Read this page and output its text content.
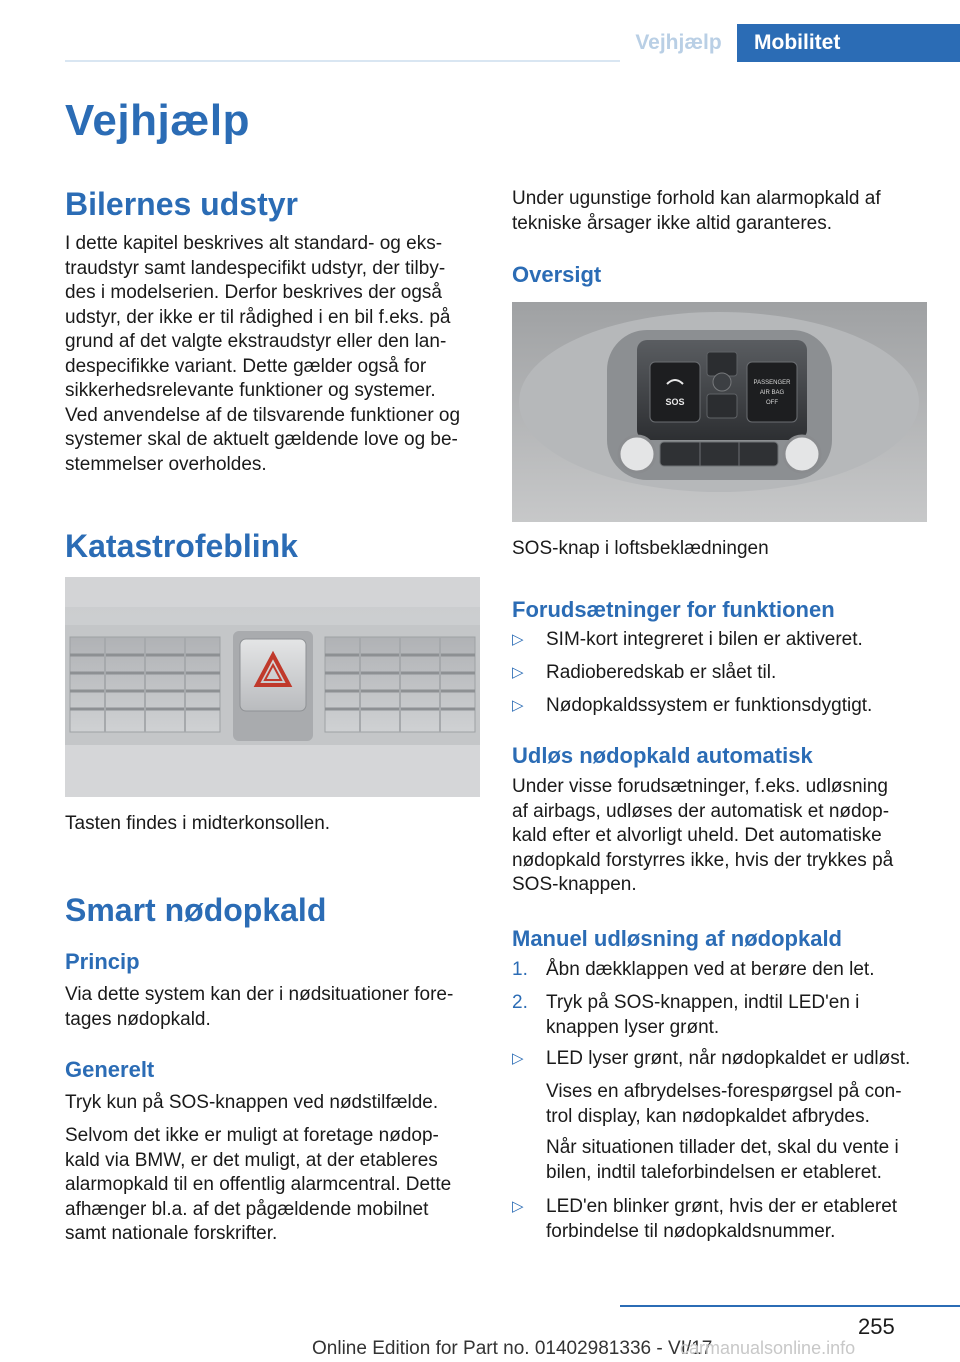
Vejhjælp	Mobilitet
Vejhjælp
Bilernes udstyr

I dette kapitel beskrives alt standard- og eks‐

traudstyr samt landespecifikt udstyr, der tilby‐

des i modelserien. Derfor beskrives der også

udstyr, der ikke er til rådighed i en bil f.eks. på

grund af det valgte ekstraudstyr eller den lan‐

despecifikke variant. Dette gælder også for

sikkerhedsrelevante funktioner og systemer.

Ved anvendelse af de tilsvarende funktioner og

systemer skal de aktuelt gældende love og be‐

stemmelser overholdes.

Katastrofeblink
Tasten findes i midterkonsollen.
Smart nødopkald
Princip

Via dette system kan der i nødsituationer fore‐

tages nødopkald.

Generelt
Tryk kun på SOS-knappen ved nødstilfælde.

Selvom det ikke er muligt at foretage nødop‐

kald via BMW, er det muligt, at der etableres

alarmopkald til en offentlig alarmcentral. Dette

afhænger bl.a. af det pågældende mobilnet

samt nationale forskrifter.

Under ugunstige forhold kan alarmopkald af

tekniske årsager ikke altid garanteres.

Oversigt
SOS
PASSENGER
AIR BAG
OFF
SOS-knap i loftsbeklædningen
Forudsætninger for funktionen
▷ SIM-kort integreret i bilen er aktiveret.
▷ Radioberedskab er slået til.
▷ Nødopkaldssystem er funktionsdygtigt.
Udløs nødopkald automatisk

Under visse forudsætninger, f.eks. udløsning

af airbags, udløses der automatisk et nødop‐

kald efter et alvorligt uheld. Det automatiske

nødopkald forstyrres ikke, hvis der trykkes på

SOS-knappen.

Manuel udløsning af nødopkald
1. Åbn dækklappen ved at berøre den let.
2. Tryk på SOS-knappen, indtil LED'en i
knappen lyser grønt.
▷ LED lyser grønt, når nødopkaldet er udløst.
Vises en afbrydelses-forespørgsel på con‐
trol display, kan nødopkaldet afbrydes.
Når situationen tillader det, skal du vente i
bilen, indtil taleforbindelsen er etableret.
▷ LED'en blinker grønt, hvis der er etableret
forbindelse til nødopkaldsnummer.
255
Online Edition for Part no. 01402981336 - VI/17
carmanualsonline.info
